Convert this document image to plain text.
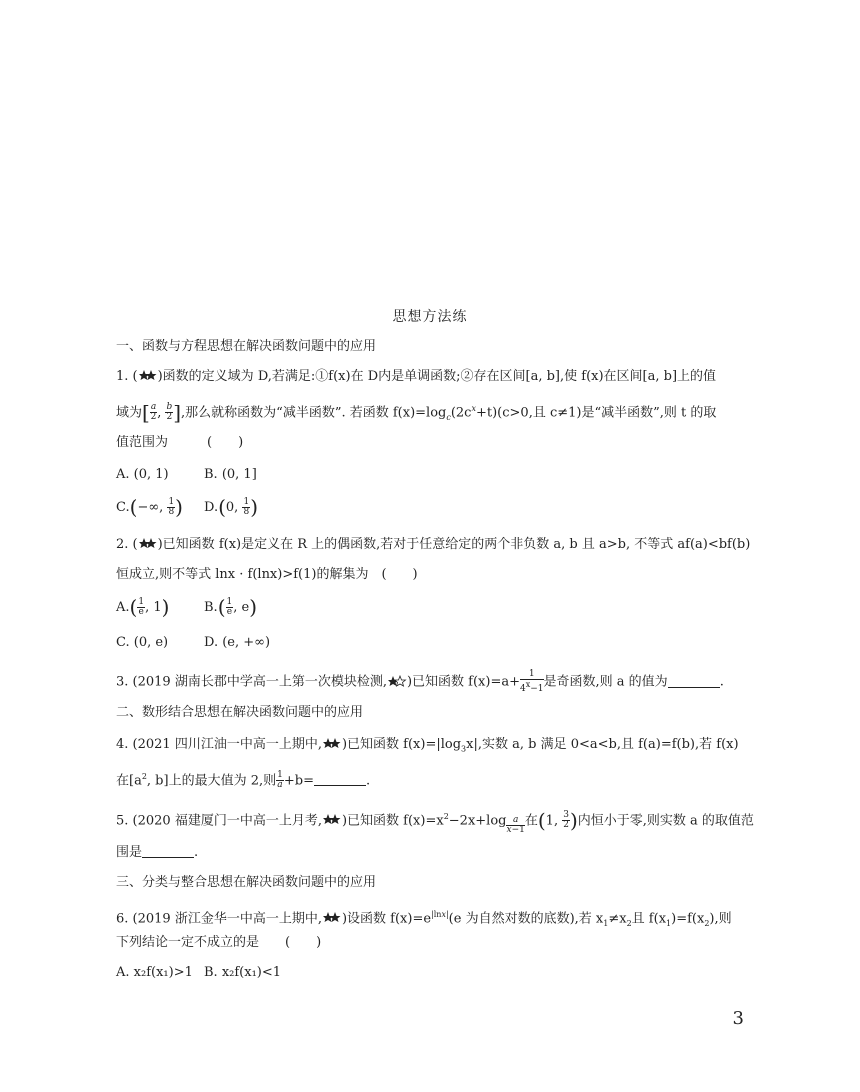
思想方法练
一、函数与方程思想在解决函数问题中的应用
1. ( )函数的定义域为 D,若满足:①f(x)在 D内是单调函数;②存在区间[a, b],使 f(x)在区间[a, b]上的值
域为[ $\frac{a}{2}$ , $\frac{b}{2}$ ],那么就称函数为“减半函数”. 若函数 $f(x)=\log_c(2c^x+t)(c>0$,且 c≠1)是“减半函数”,则 t 的取
值范围为　　　(　　)
A. (0, 1)	B. (0, 1]
C.(−∞, $\frac{1}{8}$ ) D.(0, $\frac{1}{8}$ )
2. ( )已知函数 f(x)是定义在 R 上的偶函数,若对于任意给定的两个非负数 a, b 且 a>b, 不等式 af(a)<bf(b)
恒成立,则不等式 lnx · f(lnx)>f(1)的解集为　(　　)
$A.( \frac{1}{e}$ , 1)	$B.( \frac{1}{e}$ , e)
C. (0, e)	D. (e, +∞)
3. (2019 湖南长郡中学高一上第一次模块检测, )已知函数 $f(x)=a+ \frac{1}{4^x-1}$ 是奇函数,则 a 的值为	.
二、数形结合思想在解决函数问题中的应用
4. (2021 四川江油一中高一上期中, )已知函数 $f(x)=|\log_3x|$,实数 a, b 满足 0<a<b,且 f(a)=f(b),若 f(x)
在[$a^2$, b]上的最大值为 2,则 $\frac{1}{a} +b=$	.
5. (2020 福建厦门一中高一上月考, )已知函数 $f(x)=x^2-2x+\log$ $_{\frac{a}{x-1}}$ 在(1, $\frac{3}{2}$ )内恒小于零,则实数 a 的取值范
围是	.
三、分类与整合思想在解决函数问题中的应用
6. (2019 浙江金华一中高一上期中, )设函数 $f(x)=e^{|lnx|}(e$ 为自然对数的底数),若 $x_1\ne x_2$且 $f(x_1)=f(x_2)$,则
下列结论一定不成立的是　　(　　)
A. x₂f(x₁)>1 B. x₂f(x₁)<1
3
